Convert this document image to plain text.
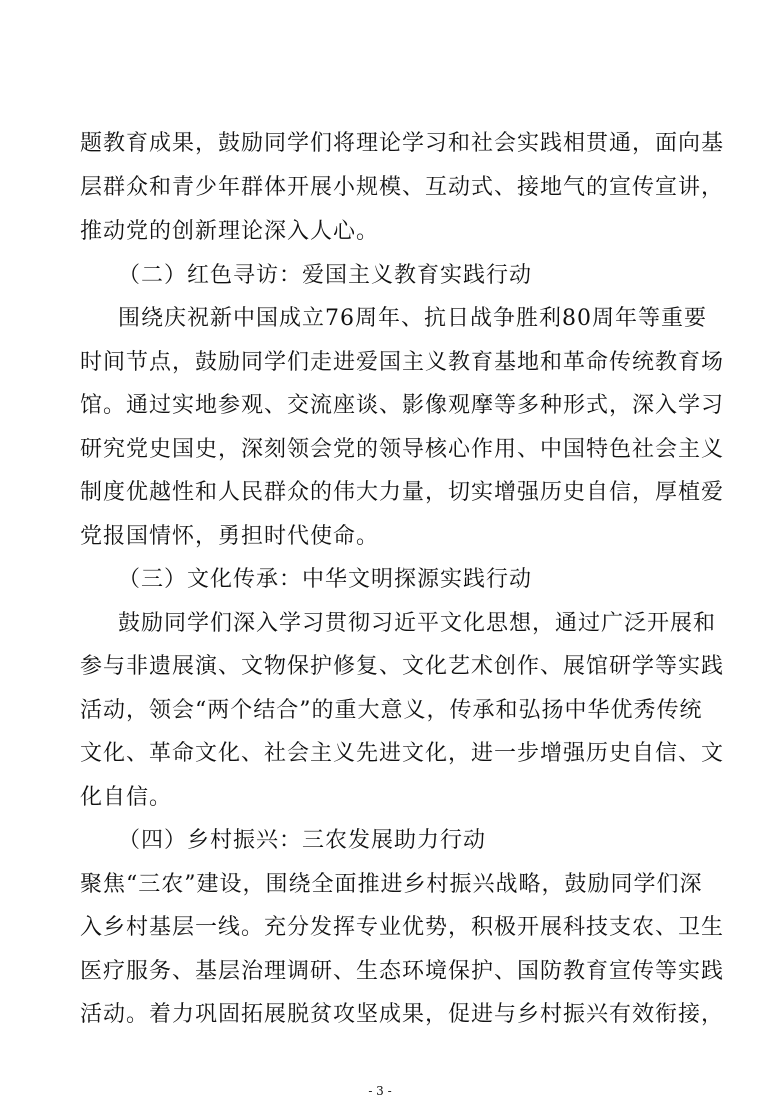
题教育成果，鼓励同学们将理论学习和社会实践相贯通，面向基
层群众和青少年群体开展小规模、互动式、接地气的宣传宣讲，
推动党的创新理论深入人心。
（二）红色寻访：爱国主义教育实践行动
围绕庆祝新中国成立76周年、抗日战争胜利80周年等重要
时间节点，鼓励同学们走进爱国主义教育基地和革命传统教育场
馆。通过实地参观、交流座谈、影像观摩等多种形式，深入学习
研究党史国史，深刻领会党的领导核心作用、中国特色社会主义
制度优越性和人民群众的伟大力量，切实增强历史自信，厚植爱
党报国情怀，勇担时代使命。
（三）文化传承：中华文明探源实践行动
鼓励同学们深入学习贯彻习近平文化思想，通过广泛开展和
参与非遗展演、文物保护修复、文化艺术创作、展馆研学等实践
活动，领会“两个结合”的重大意义，传承和弘扬中华优秀传统
文化、革命文化、社会主义先进文化，进一步增强历史自信、文
化自信。
（四）乡村振兴：三农发展助力行动
聚焦“三农”建设，围绕全面推进乡村振兴战略，鼓励同学们深
入乡村基层一线。充分发挥专业优势，积极开展科技支农、卫生
医疗服务、基层治理调研、生态环境保护、国防教育宣传等实践
活动。着力巩固拓展脱贫攻坚成果，促进与乡村振兴有效衔接，
- 3 -
